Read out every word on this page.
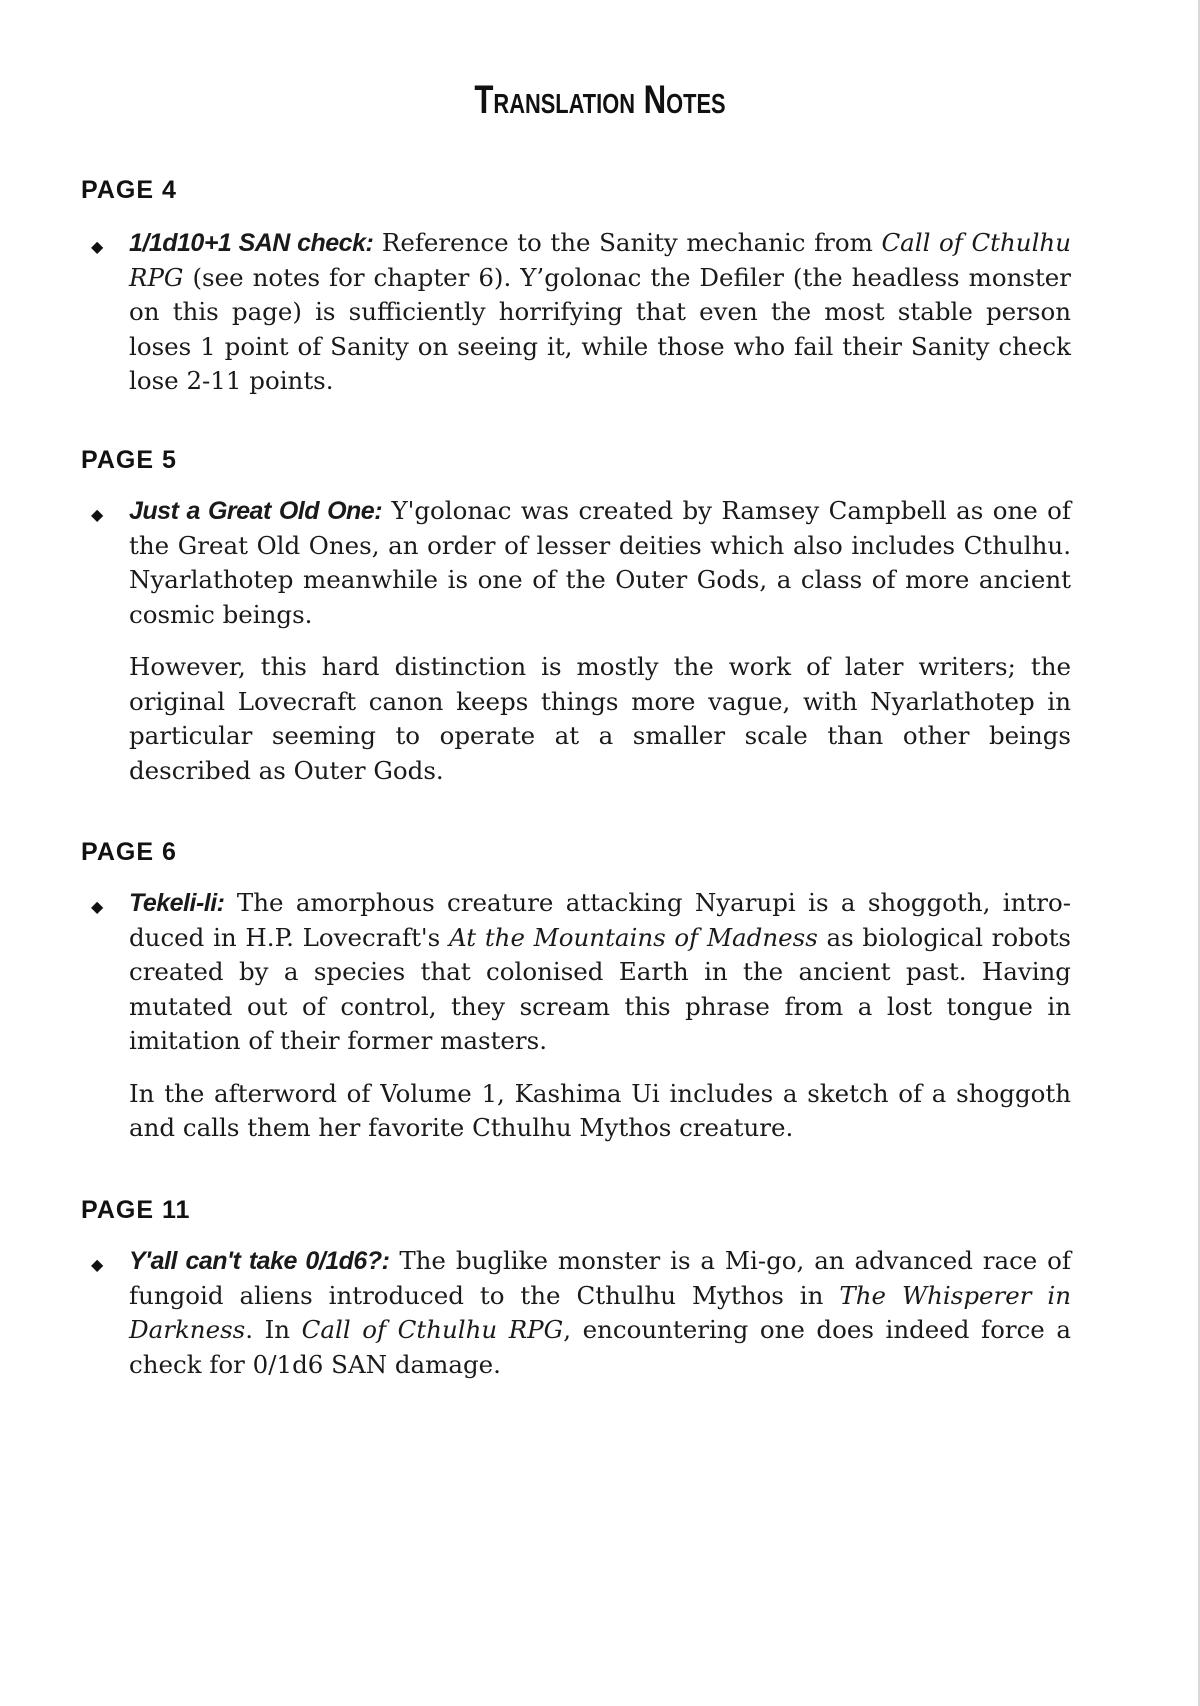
Translation Notes
PAGE 4
◆ 1/1d10+1 SAN check: Reference to the Sanity mechanic from Call of Cthulhu RPG (see notes for chapter 6). Y’golonac the Defiler (the headless monster on this page) is sufficiently horrifying that even the most stable person loses 1 point of Sanity on seeing it, while those who fail their Sanity check lose 2-11 points.

PAGE 5
◆ Just a Great Old One: Y'golonac was created by Ramsey Campbell as one of the Great Old Ones, an order of lesser deities which also includes Cthulhu. Nyarlathotep meanwhile is one of the Outer Gods, a class of more ancient cosmic beings.

However, this hard distinction is mostly the work of later writers; the original Lovecraft canon keeps things more vague, with Nyarlathotep in particular seeming to operate at a smaller scale than other beings described as Outer Gods.

PAGE 6
◆ Tekeli-li: The amorphous creature attacking Nyarupi is a shoggoth, introduced in H.P. Lovecraft's At the Mountains of Madness as biological robots created by a species that colonised Earth in the ancient past. Having mutated out of control, they scream this phrase from a lost tongue in imitation of their former masters.

In the afterword of Volume 1, Kashima Ui includes a sketch of a shoggoth and calls them her favorite Cthulhu Mythos creature.

PAGE 11
◆ Y'all can't take 0/1d6?: The buglike monster is a Mi-go, an advanced race of fungoid aliens introduced to the Cthulhu Mythos in The Whisperer in Darkness. In Call of Cthulhu RPG, encountering one does indeed force a check for 0/1d6 SAN damage.
